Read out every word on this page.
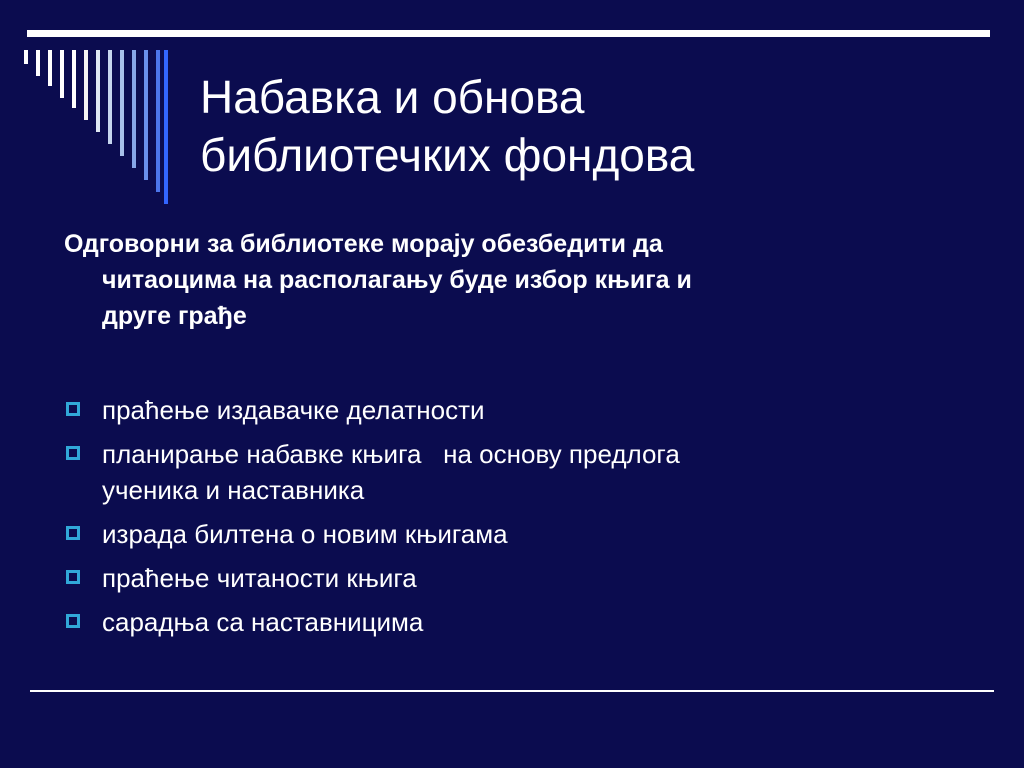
Набавка и обнова
библиотечких фондова

Одговорни за библиотеке морају обезбедити да
читаоцима на располагању буде избор књига и
друге грађе

праћење издавачке делатности
планирање набавке књига   на основу предлога
ученика и наставника
израда билтена о новим књигама
праћење читаности књига
сарадња са наставницима
